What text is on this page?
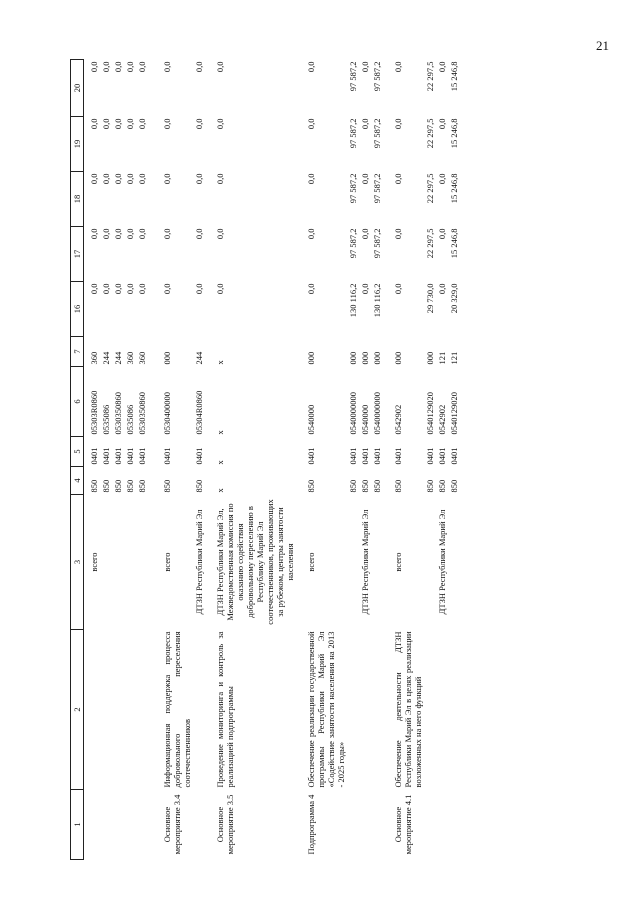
21
1	2	3	4	5	6	7	16	17	18	19	20
		всего	850	0401	05303R0860	360	0,0	0,0	0,0	0,0	0,0
			850	0401	0535086	244	0,0	0,0	0,0	0,0	0,0
			850	0401	0530350860	244	0,0	0,0	0,0	0,0	0,0
			850	0401	0535086	360	0,0	0,0	0,0	0,0	0,0
			850	0401	0530350860	360	0,0	0,0	0,0	0,0	0,0
Основное мероприятие 3.4	Информационная поддержка процесса добровольного переселения соотечественников	всего	850	0401	0530400000	000	0,0	0,0	0,0	0,0	0,0
		ДТЗН Республики Марий Эл	850	0401	05304R0860	244	0,0	0,0	0,0	0,0	0,0
Основное мероприятие 3.5	Проведение мониторинга и контроль за реализацией подпрограммы	ДТЗН Республики Марий Эл, Межведомственная комиссия по оказанию содействия добровольному переселению в Республику Марий Эл соотечественников, проживающих за рубежом, центры занятости населения	x	x	x	x	0,0	0,0	0,0	0,0	0,0
Подпрограмма 4	Обеспечение реализации государственной программы Республики Марий Эл «Содействие занятости населения на 2013 - 2025 годы»	всего	850	0401	0540000	000	0,0	0,0	0,0	0,0	0,0
			850	0401	0540000000	000	130 116,2	97 587,2	97 587,2	97 587,2	97 587,2
		ДТЗН Республики Марий Эл	850	0401	0540000	000	0,0	0,0	0,0	0,0	0,0
			850	0401	0540000000	000	130 116,2	97 587,2	97 587,2	97 587,2	97 587,2
Основное мероприятие 4.1	Обеспечение деятельности ДТЗН Республики Марий Эл в целях реализации возложенных на него функций	всего	850	0401	0542902	000	0,0	0,0	0,0	0,0	0,0
			850	0401	0540129020	000	29 730,0	22 297,5	22 297,5	22 297,5	22 297,5
		ДТЗН Республики Марий Эл	850	0401	0542902	121	0,0	0,0	0,0	0,0	0,0
			850	0401	0540129020	121	20 329,0	15 246,8	15 246,8	15 246,8	15 246,8
